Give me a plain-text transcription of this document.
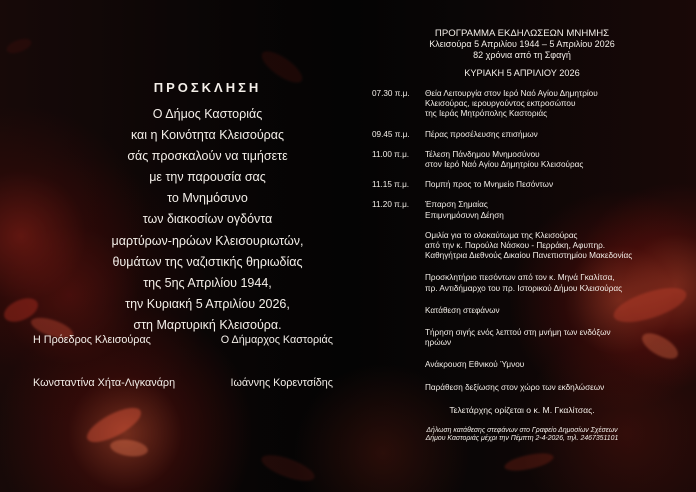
ΠΡΟΣΚΛΗΣΗ
Ο Δήμος Καστοριάς
και η Κοινότητα Κλεισούρας
σάς προσκαλούν να τιμήσετε
με την παρουσία σας
το Μνημόσυνο
των διακοσίων ογδόντα
μαρτύρων-ηρώων Κλεισουριωτών,
θυμάτων της ναζιστικής θηριωδίας
της 5ης Απριλίου 1944,
την Κυριακή 5 Απριλίου 2026,
στη Μαρτυρική Κλεισούρα.
Η Πρόεδρος Κλεισούρας	Ο Δήμαρχος Καστοριάς
Κωνσταντίνα Χήτα-Λιγκανάρη	Ιωάννης Κορεντσίδης
ΠΡΟΓΡΑΜΜΑ ΕΚΔΗΛΩΣΕΩΝ ΜΝΗΜΗΣ
Κλεισούρα 5 Απριλίου 1944 – 5 Απριλίου 2026
82 χρόνια από τη Σφαγή
ΚΥΡΙΑΚΗ 5 ΑΠΡΙΛΙΟΥ 2026
07.30 π.μ.	Θεία Λειτουργία στον Ιερό Ναό Αγίου Δημητρίου
Κλεισούρας, ιερουργούντος εκπροσώπου
της Ιεράς Μητρόπολης Καστοριάς
09.45 π.μ.	Πέρας προσέλευσης επισήμων
11.00 π.μ.	Τέλεση Πάνδημου Μνημοσύνου
στον Ιερό Ναό Αγίου Δημητρίου Κλεισούρας
11.15 π.μ.	Πομπή προς το Μνημείο Πεσόντων
11.20 π.μ.	Έπαρση Σημαίας
Επιμνημόσυνη Δέηση
Ομιλία για το ολοκαύτωμα της Κλεισούρας
από την κ. Παρούλα Νάσκου - Περράκη, Αφυπηρ.
Καθηγήτρια Διεθνούς Δικαίου Πανεπιστημίου Μακεδονίας
Προσκλητήριο πεσόντων από τον κ. Μηνά Γκαλίτσα,
πρ. Αντιδήμαρχο του πρ. Ιστορικού Δήμου Κλεισούρας
Κατάθεση στεφάνων
Τήρηση σιγής ενός λεπτού στη μνήμη των ενδόξων
ηρώων
Ανάκρουση Εθνικού Ύμνου
Παράθεση δεξίωσης στον χώρο των εκδηλώσεων
Τελετάρχης ορίζεται ο κ. Μ. Γκαλίτσας.
Δήλωση κατάθεσης στεφάνων στο Γραφείο Δημοσίων Σχέσεων
Δήμου Καστοριάς μέχρι την Πέμπτη 2-4-2026, τηλ. 2467351101
